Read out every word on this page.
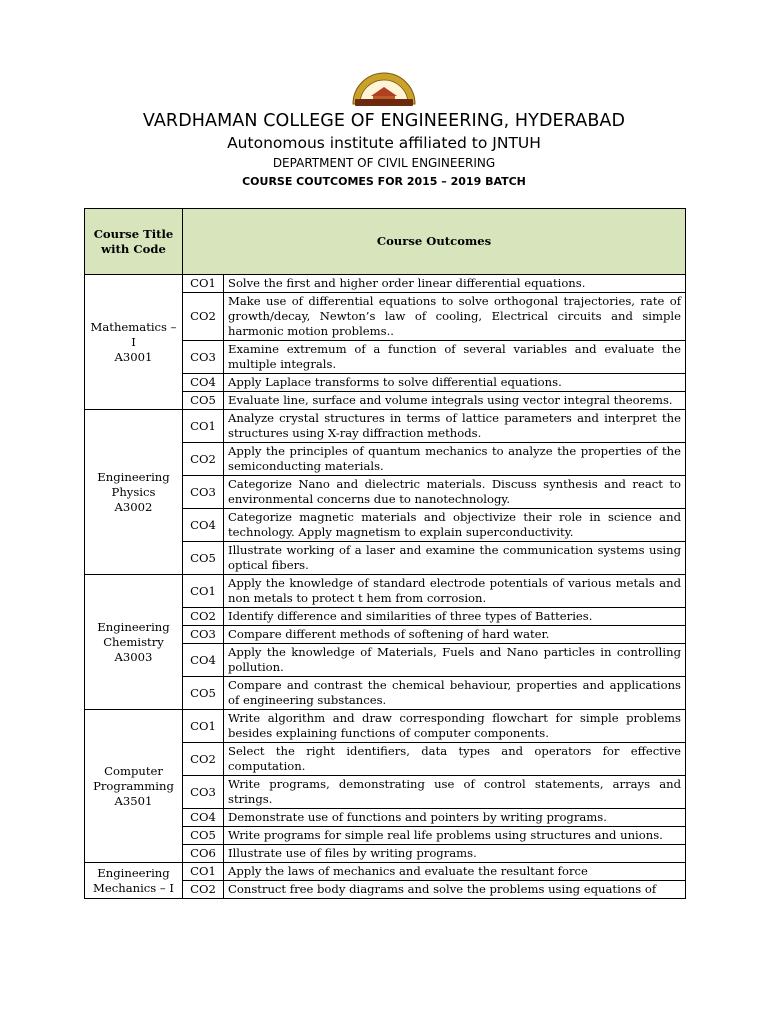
VARDHAMAN COLLEGE OF ENGINEERING, HYDERABAD
Autonomous institute affiliated to JNTUH
DEPARTMENT OF CIVIL ENGINEERING
COURSE COUTCOMES FOR 2015 – 2019 BATCH
Course Title with Code	Course Outcomes	

Mathematics – I
A3001	CO1	Solve the first and higher order linear differential equations.
	CO2	Make use of differential equations to solve orthogonal trajectories, rate of growth/decay, Newton’s law of cooling, Electrical circuits and simple harmonic motion problems..
	CO3	Examine extremum of a function of several variables and evaluate the multiple integrals.
	CO4	Apply Laplace transforms to solve differential equations.
	CO5	Evaluate line, surface and volume integrals using vector integral theorems.

Engineering Physics
A3002	CO1	Analyze crystal structures in terms of lattice parameters and interpret the structures using X-ray diffraction methods.
	CO2	Apply the principles of quantum mechanics to analyze the properties of the semiconducting materials.
	CO3	Categorize Nano and dielectric materials. Discuss synthesis and react to environmental concerns due to nanotechnology.
	CO4	Categorize magnetic materials and objectivize their role in science and technology. Apply magnetism to explain superconductivity.
	CO5	Illustrate working of a laser and examine the communication systems using optical fibers.

Engineering Chemistry
A3003	CO1	Apply the knowledge of standard electrode potentials of various metals and non metals to protect t hem from corrosion.
	CO2	Identify difference and similarities of three types of Batteries.
	CO3	Compare different methods of softening of hard water.
	CO4	Apply the knowledge of Materials, Fuels and Nano particles in controlling pollution.
	CO5	Compare and contrast the chemical behaviour, properties and applications of engineering substances.

Computer Programming
A3501	CO1	Write algorithm and draw corresponding flowchart for simple problems besides explaining functions of computer components.
	CO2	Select the right identifiers, data types and operators for effective computation.
	CO3	Write programs, demonstrating use of control statements, arrays and strings.
	CO4	Demonstrate use of functions and pointers by writing programs.
	CO5	Write programs for simple real life problems using structures and unions.
	CO6	Illustrate use of files by writing programs.

Engineering Mechanics – I	CO1	Apply the laws of mechanics and evaluate the resultant force
	CO2	Construct free body diagrams and solve the problems using equations of
